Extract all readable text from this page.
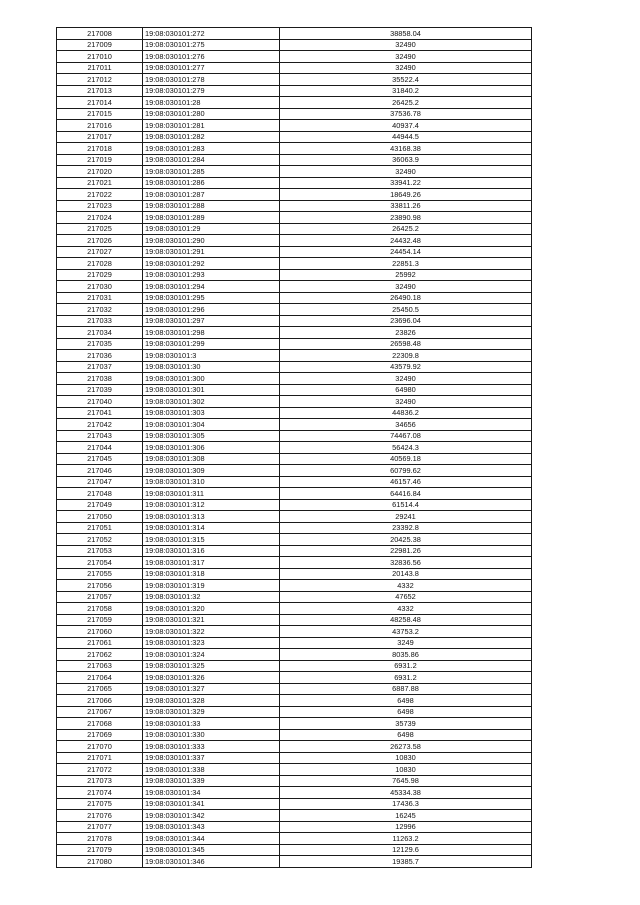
217008	19:08:030101:272	38858.04
217009	19:08:030101:275	32490
217010	19:08:030101:276	32490
217011	19:08:030101:277	32490
217012	19:08:030101:278	35522.4
217013	19:08:030101:279	31840.2
217014	19:08:030101:28	26425.2
217015	19:08:030101:280	37536.78
217016	19:08:030101:281	40937.4
217017	19:08:030101:282	44944.5
217018	19:08:030101:283	43168.38
217019	19:08:030101:284	36063.9
217020	19:08:030101:285	32490
217021	19:08:030101:286	33941.22
217022	19:08:030101:287	18649.26
217023	19:08:030101:288	33811.26
217024	19:08:030101:289	23890.98
217025	19:08:030101:29	26425.2
217026	19:08:030101:290	24432.48
217027	19:08:030101:291	24454.14
217028	19:08:030101:292	22851.3
217029	19:08:030101:293	25992
217030	19:08:030101:294	32490
217031	19:08:030101:295	26490.18
217032	19:08:030101:296	25450.5
217033	19:08:030101:297	23696.04
217034	19:08:030101:298	23826
217035	19:08:030101:299	26598.48
217036	19:08:030101:3	22309.8
217037	19:08:030101:30	43579.92
217038	19:08:030101:300	32490
217039	19:08:030101:301	64980
217040	19:08:030101:302	32490
217041	19:08:030101:303	44836.2
217042	19:08:030101:304	34656
217043	19:08:030101:305	74467.08
217044	19:08:030101:306	56424.3
217045	19:08:030101:308	40569.18
217046	19:08:030101:309	60799.62
217047	19:08:030101:310	46157.46
217048	19:08:030101:311	64416.84
217049	19:08:030101:312	61514.4
217050	19:08:030101:313	29241
217051	19:08:030101:314	23392.8
217052	19:08:030101:315	20425.38
217053	19:08:030101:316	22981.26
217054	19:08:030101:317	32836.56
217055	19:08:030101:318	20143.8
217056	19:08:030101:319	4332
217057	19:08:030101:32	47652
217058	19:08:030101:320	4332
217059	19:08:030101:321	48258.48
217060	19:08:030101:322	43753.2
217061	19:08:030101:323	3249
217062	19:08:030101:324	8035.86
217063	19:08:030101:325	6931.2
217064	19:08:030101:326	6931.2
217065	19:08:030101:327	6887.88
217066	19:08:030101:328	6498
217067	19:08:030101:329	6498
217068	19:08:030101:33	35739
217069	19:08:030101:330	6498
217070	19:08:030101:333	26273.58
217071	19:08:030101:337	10830
217072	19:08:030101:338	10830
217073	19:08:030101:339	7645.98
217074	19:08:030101:34	45334.38
217075	19:08:030101:341	17436.3
217076	19:08:030101:342	16245
217077	19:08:030101:343	12996
217078	19:08:030101:344	11263.2
217079	19:08:030101:345	12129.6
217080	19:08:030101:346	19385.7
